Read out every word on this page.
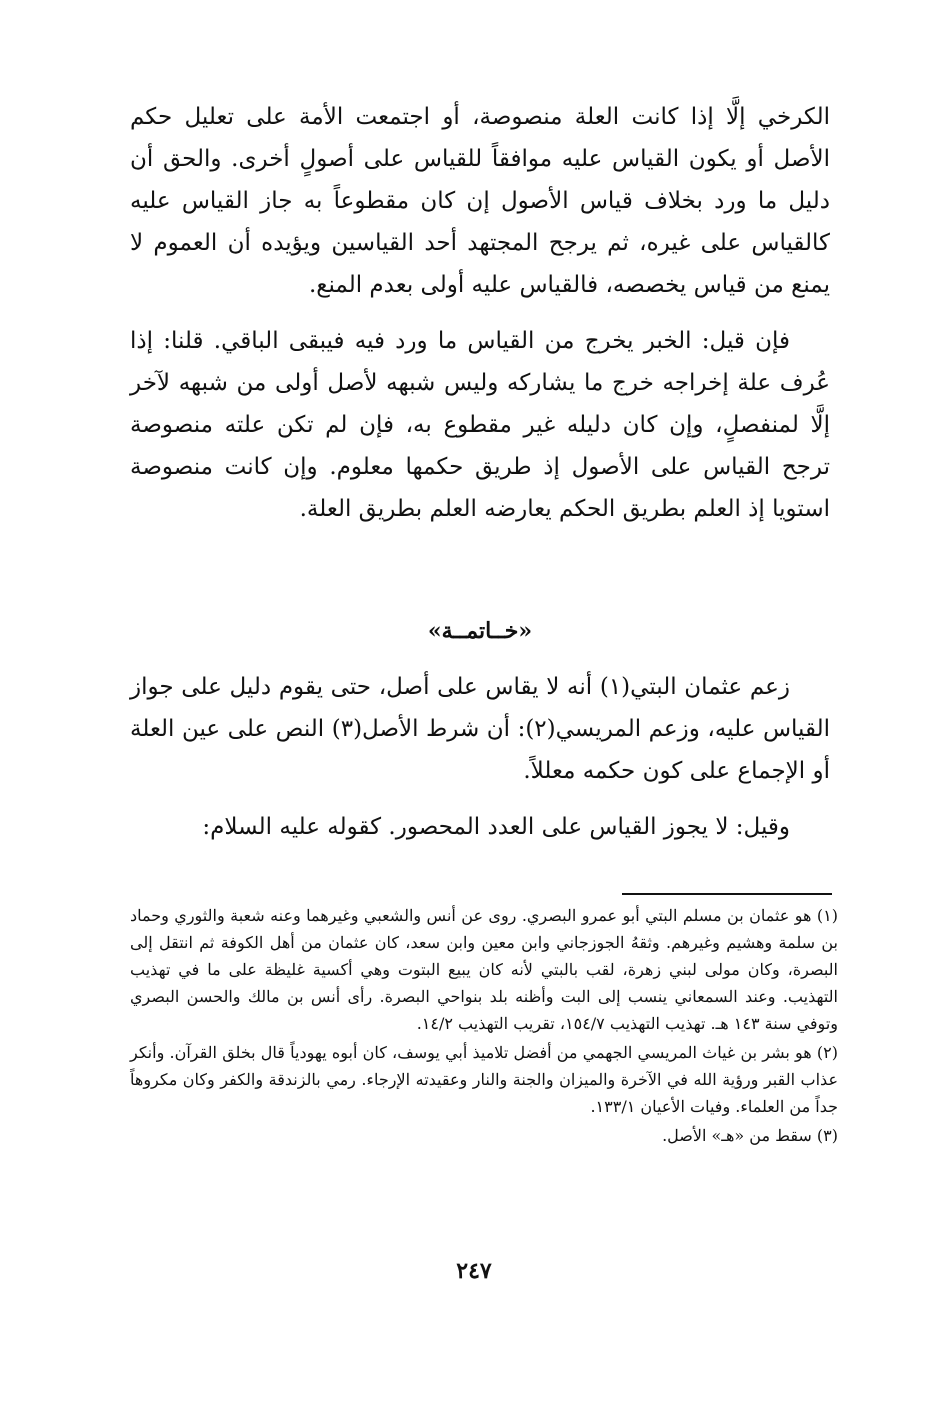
الكرخي إلَّا إذا كانت العلة منصوصة، أو اجتمعت الأمة على تعليل حكم الأصل أو يكون القياس عليه موافقاً للقياس على أصولٍ أخرى. والحق أن دليل ما ورد بخلاف قياس الأصول إن كان مقطوعاً به جاز القياس عليه كالقياس على غيره، ثم يرجح المجتهد أحد القياسين ويؤيده أن العموم لا يمنع من قياس يخصصه، فالقياس عليه أولى بعدم المنع.

فإن قيل: الخبر يخرج من القياس ما ورد فيه فيبقى الباقي. قلنا: إذا عُرف علة إخراجه خرج ما يشاركه وليس شبهه لأصل أولى من شبهه لآخر إلَّا لمنفصلٍ، وإن كان دليله غير مقطوع به، فإن لم تكن علته منصوصة ترجح القياس على الأصول إذ طريق حكمها معلوم. وإن كانت منصوصة استويا إذ العلم بطريق الحكم يعارضه العلم بطريق العلة.

«خــاتمــة»

زعم عثمان البتي(١) أنه لا يقاس على أصل، حتى يقوم دليل على جواز القياس عليه، وزعم المريسي(٢): أن شرط الأصل(٣) النص على عين العلة أو الإجماع على كون حكمه معللاً.

وقيل: لا يجوز القياس على العدد المحصور. كقوله عليه السلام:

(١) هو عثمان بن مسلم البتي أبو عمرو البصري. روى عن أنس والشعبي وغيرهما وعنه شعبة والثوري وحماد بن سلمة وهشيم وغيرهم. وثقهُ الجوزجاني وابن معين وابن سعد، كان عثمان من أهل الكوفة ثم انتقل إلى البصرة، وكان مولى لبني زهرة، لقب بالبتي لأنه كان يبيع البتوت وهي أكسية غليظة على ما في تهذيب التهذيب. وعند السمعاني ينسب إلى البت وأظنه بلد بنواحي البصرة. رأى أنس بن مالك والحسن البصري وتوفي سنة ١٤٣ هـ. تهذيب التهذيب ١٥٤/٧، تقريب التهذيب ١٤/٢.

(٢) هو بشر بن غياث المريسي الجهمي من أفضل تلاميذ أبي يوسف، كان أبوه يهودياً قال بخلق القرآن. وأنكر عذاب القبر ورؤية الله في الآخرة والميزان والجنة والنار وعقيدته الإرجاء. رمي بالزندقة والكفر وكان مكروهاً جداً من العلماء. وفيات الأعيان ١٣٣/١.

(٣) سقط من «هـ» الأصل.

٢٤٧
